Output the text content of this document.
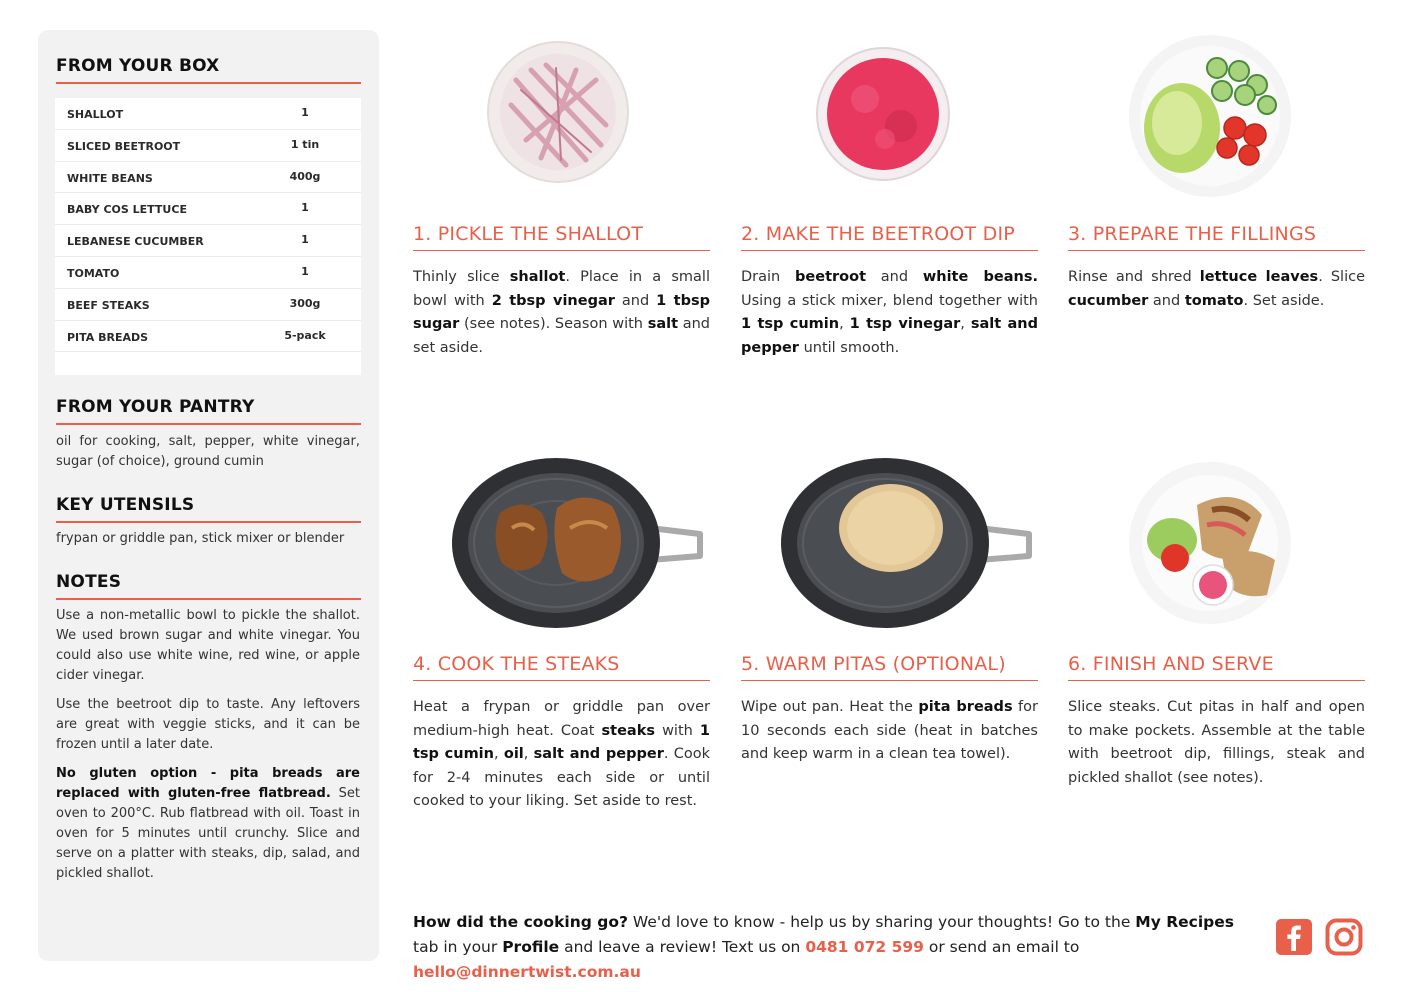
FROM YOUR BOX
SHALLOT	1
SLICED BEETROOT	1 tin
WHITE BEANS	400g
BABY COS LETTUCE	1
LEBANESE CUCUMBER	1
TOMATO	1
BEEF STEAKS	300g
PITA BREADS	5-pack
FROM YOUR PANTRY

oil for cooking, salt, pepper, white vinegar, sugar (of choice), ground cumin

KEY UTENSILS

frypan or griddle pan, stick mixer or blender

NOTES

Use a non-metallic bowl to pickle the shallot. We used brown sugar and white vinegar. You could also use white wine, red wine, or apple cider vinegar.

Use the beetroot dip to taste. Any leftovers are great with veggie sticks, and it can be frozen until a later date.

No gluten option - pita breads are replaced with gluten-free flatbread. Set oven to 200°C. Rub flatbread with oil. Toast in oven for 5 minutes until crunchy. Slice and serve on a platter with steaks, dip, salad, and pickled shallot.

1. PICKLE THE SHALLOT
Thinly slice shallot. Place in a small bowl with 2 tbsp vinegar and 1 tbsp sugar (see notes). Season with salt and set aside.
2. MAKE THE BEETROOT DIP
Drain beetroot and white beans. Using a stick mixer, blend together with 1 tsp cumin, 1 tsp vinegar, salt and pepper until smooth.
3. PREPARE THE FILLINGS
Rinse and shred lettuce leaves. Slice cucumber and tomato. Set aside.
4. COOK THE STEAKS
Heat a frypan or griddle pan over medium-high heat. Coat steaks with 1 tsp cumin, oil, salt and pepper. Cook for 2-4 minutes each side or until cooked to your liking. Set aside to rest.
5. WARM PITAS (OPTIONAL)
Wipe out pan. Heat the pita breads for 10 seconds each side (heat in batches and keep warm in a clean tea towel).
6. FINISH AND SERVE
Slice steaks. Cut pitas in half and open to make pockets. Assemble at the table with beetroot dip, fillings, steak and pickled shallot (see notes).
How did the cooking go? We'd love to know - help us by sharing your thoughts! Go to the My Recipes tab in your Profile and leave a review! Text us on 0481 072 599 or send an email to hello@dinnertwist.com.au
